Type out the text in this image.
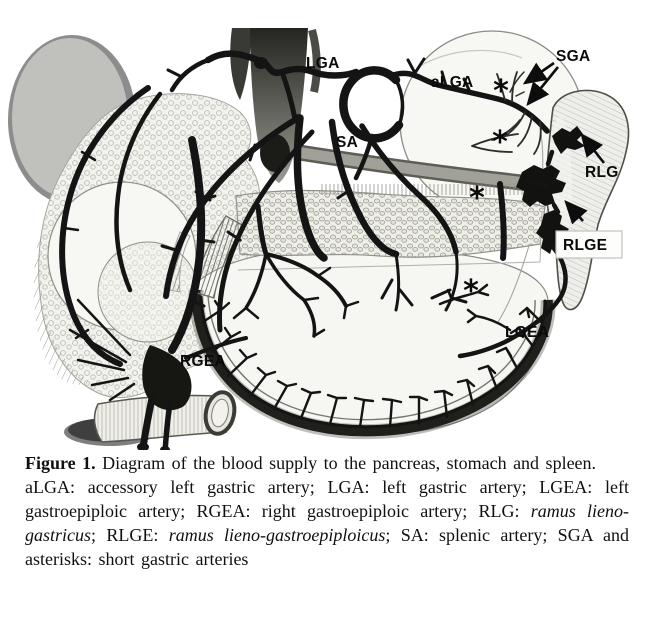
*
*
*
*
LGA
aLGA
SGA
SA
RLG
RLGE
LGEA
RGEA

Figure 1. Diagram of the blood supply to the pancreas, stomach and spleen.

aLGA: accessory left gastric artery; LGA: left gastric artery; LGEA: left gastroepiploic artery; RGEA: right gastroepiploic artery; RLG: ramus lieno-gastricus; RLGE: ramus lieno-gastroepiploicus; SA: splenic artery; SGA and asterisks: short gastric arteries
